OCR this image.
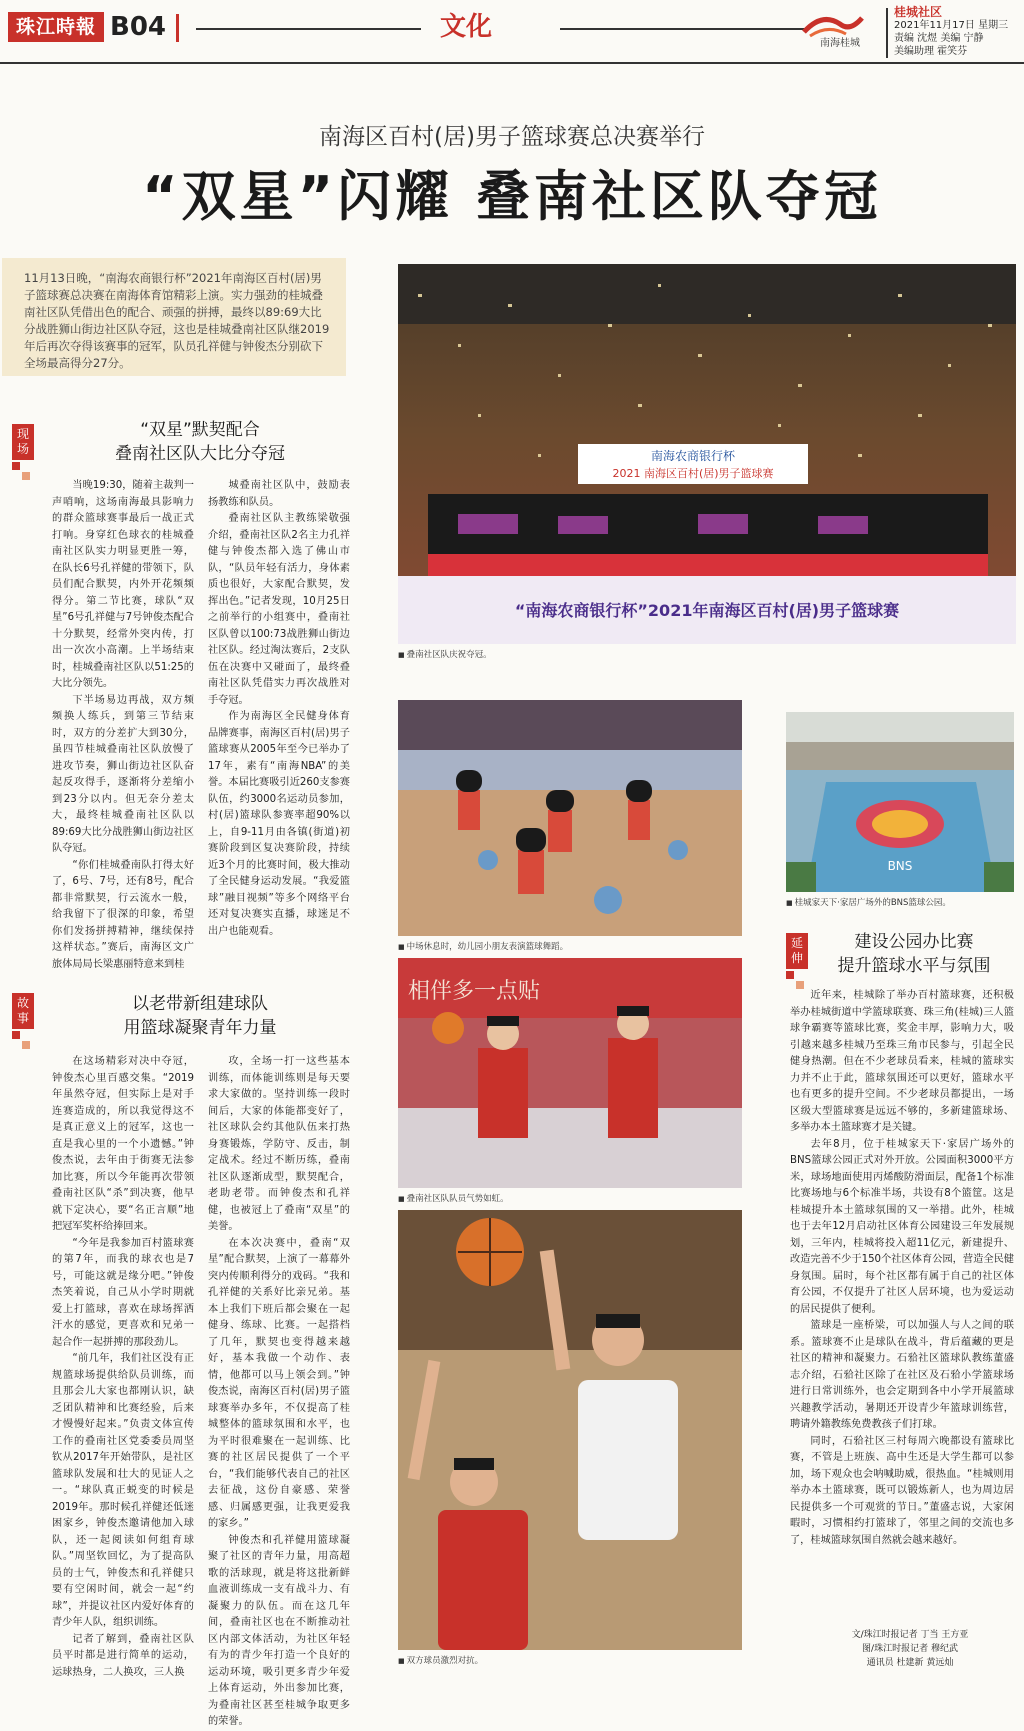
珠江時報 B04	文化
南海桂城
桂城社区
2021年11月17日 星期三
责编 沈煜 美编 宁静
美编助理 霍笑芬
南海区百村(居)男子篮球赛总决赛举行
“双星”闪耀 叠南社区队夺冠
11月13日晚，“南海农商银行杯”2021年南海区百村(居)男子篮球赛总决赛在南海体育馆精彩上演。实力强劲的桂城叠南社区队凭借出色的配合、顽强的拼搏，最终以89:69大比分战胜狮山街边社区队夺冠，这也是桂城叠南社区队继2019年后再次夺得该赛事的冠军，队员孔祥健与钟俊杰分别砍下全场最高得分27分。
现场
“双星”默契配合
叠南社区队大比分夺冠

当晚19:30，随着主裁判一声哨响，这场南海最具影响力的群众篮球赛事最后一战正式打响。身穿红色球衣的桂城叠南社区队实力明显更胜一筹，在队长6号孔祥健的带领下，队员们配合默契，内外开花频频得分。第二节比赛，球队“双星”6号孔祥健与7号钟俊杰配合十分默契，经常外突内传，打出一次次小高潮。上半场结束时，桂城叠南社区队以51:25的大比分领先。

下半场易边再战，双方频频换人练兵，到第三节结束时，双方的分差扩大到30分，虽四节桂城叠南社区队放慢了进攻节奏，狮山街边社区队奋起反攻得手，逐渐将分差缩小到23分以内。但无奈分差太大，最终桂城叠南社区队以89:69大比分战胜狮山街边社区队夺冠。

“你们桂城叠南队打得太好了，6号、7号，还有8号，配合都非常默契，行云流水一般，给我留下了很深的印象，希望你们发扬拼搏精神，继续保持这样状态。”赛后，南海区文广旅体局局长梁惠丽特意来到桂

城叠南社区队中，鼓励表扬教练和队员。

叠南社区队主教练梁敬强介绍，叠南社区队2名主力孔祥健与钟俊杰都入选了佛山市队，“队员年轻有活力，身体素质也很好，大家配合默契，发挥出色。”记者发现，10月25日之前举行的小组赛中，叠南社区队曾以100:73战胜狮山街边社区队。经过淘汰赛后，2支队伍在决赛中又碰面了，最终叠南社区队凭借实力再次战胜对手夺冠。

作为南海区全民健身体育品牌赛事，南海区百村(居)男子篮球赛从2005年至今已举办了17年，素有“南海NBA”的美誉。本届比赛吸引近260支参赛队伍，约3000名运动员参加，村(居)篮球队参赛率超90%以上，自9-11月由各镇(街道)初赛阶段到区复决赛阶段，持续近3个月的比赛时间，极大推动了全民健身运动发展。“我爱篮球”融目视频”等多个网络平台还对复决赛实直播，球迷足不出户也能观看。

故事
以老带新组建球队
用篮球凝聚青年力量

在这场精彩对决中夺冠，钟俊杰心里百感交集。“2019年虽然夺冠，但实际上是对手连赛造成的，所以我觉得这不是真正意义上的冠军，这也一直是我心里的一个小遗憾。”钟俊杰说，去年由于街赛无法参加比赛，所以今年能再次带领叠南社区队“杀”到决赛，他早就下定决心，要“名正言顺”地把冠军奖杯给捧回来。

“今年是我参加百村篮球赛的第7年，而我的球衣也是7号，可能这就是缘分吧。”钟俊杰笑着说，自己从小学时期就爱上打篮球，喜欢在球场挥洒汗水的感觉，更喜欢和兄弟一起合作一起拼搏的那段劲儿。

“前几年，我们社区没有正规篮球场提供给队员训练，而且那会儿大家也都刚认识，缺乏团队精神和比赛经验，后来才慢慢好起来。”负责文体宣传工作的叠南社区党委委员周坚钦从2017年开始带队，是社区篮球队发展和壮大的见证人之一。“球队真正蜕变的时候是2019年。那时候孔祥健还低迷困家乡，钟俊杰邀请他加入球队，还一起阅读如何组育球队。”周坚钦回忆，为了提高队员的士气，钟俊杰和孔祥健只要有空闲时间，就会一起“约球”，并提议社区内爱好体育的青少年人队，组织训练。

记者了解到，叠南社区队员平时都是进行简单的运动，运球热身，二人换攻，三人换

攻，全场一打一这些基本训练，而体能训练则是每天要求大家做的。坚持训练一段时间后，大家的体能都变好了，社区球队会约其他队伍来打热身赛锻炼，学防守、反击，制定战术。经过不断历练，叠南社区队逐渐成型，默契配合，老助老带。而钟俊杰和孔祥健，也被冠上了叠南“双星”的美誉。

在本次决赛中，叠南“双星”配合默契，上演了一幕幕外突内传顺利得分的戏码。“我和孔祥健的关系好比亲兄弟。基本上我们下班后都会聚在一起健身、练球、比赛。一起搭档了几年，默契也变得越来越好，基本我做一个动作、表情，他都可以马上领会到。”钟俊杰说，南海区百村(居)男子篮球赛举办多年，不仅提高了桂城整体的篮球氛围和水平，也为平时很难聚在一起训练、比赛的社区居民提供了一个平台，“我们能够代表自己的社区去征战，这份自豪感、荣誉感、归属感更强，让我更爱我的家乡。”

钟俊杰和孔祥健用篮球凝聚了社区的青年力量，用高超歌的活球现，就是将这批新鲜血液训练成一支有战斗力、有凝聚力的队伍。而在这几年间，叠南社区也在不断推动社区内部文体活动，为社区年轻有为的青少年打造一个良好的运动环境，吸引更多青少年爱上体育运动，外出参加比赛，为叠南社区甚至桂城争取更多的荣誉。

南海农商银行杯
2021 南海区百村(居)男子篮球赛
“南海农商银行杯”2021年南海区百村(居)男子篮球赛
■ 叠南社区队庆祝夺冠。
■ 中场休息时，幼儿园小朋友表演篮球舞蹈。
BNS
■ 桂城家天下·家居广场外的BNS篮球公园。
相伴多一点贴
■ 叠南社区队队员气势如虹。
■ 双方球员激烈对抗。
延伸
建设公园办比赛
提升篮球水平与氛围

近年来，桂城除了举办百村篮球赛，还积极举办桂城街道中学篮球联赛、珠三角(桂城)三人篮球争霸赛等篮球比赛，奖金丰厚，影响力大，吸引越来越多桂城乃至珠三角市民参与，引起全民健身热潮。但在不少老球员看来，桂城的篮球实力并不止于此，篮球氛围还可以更好，篮球水平也有更多的提升空间。不少老球员都提出，一场区级大型篮球赛是远远不够的，多新建篮球场、多举办本土篮球赛才是关键。

去年8月，位于桂城家天下·家居广场外的BNS篮球公园正式对外开放。公园面积3000平方米，球场地面使用丙烯酸防滑面层，配备1个标准比赛场地与6个标准半场，共设有8个篮筐。这是桂城提升本土篮球氛围的又一举措。此外，桂城也于去年12月启动社区体育公园建设三年发展规划，三年内，桂城将投入超11亿元，新建提升、改造完善不少于150个社区体育公园，营造全民健身氛围。届时，每个社区都有属于自己的社区体育公园，不仅提升了社区人居环境，也为爱运动的居民提供了便利。

篮球是一座桥梁，可以加强人与人之间的联系。篮球赛不止是球队在战斗，背后蕴藏的更是社区的精神和凝聚力。石𬌗社区篮球队教练董盛志介绍，石𬌗社区除了在社区及石𬌗小学篮球场进行日常训练外，也会定期到各中小学开展篮球兴趣教学活动，暑期还开设青少年篮球训练营，聘请外籍教练免费教孩子们打球。

同时，石𬌗社区三村每周六晚都设有篮球比赛，不管是上班族、高中生还是大学生都可以参加，场下观众也会呐喊助威，很热血。“桂城则用举办本土篮球赛，既可以锻炼新人，也为周边居民提供多一个可观赏的节日。”董盛志说，大家闲暇时，习惯相约打篮球了，邻里之间的交流也多了，桂城篮球氛围自然就会越来越好。

文/珠江时报记者 丁当 王方亚
图/珠江时报记者 穆纪武
通讯员 杜建新 黄远灿
